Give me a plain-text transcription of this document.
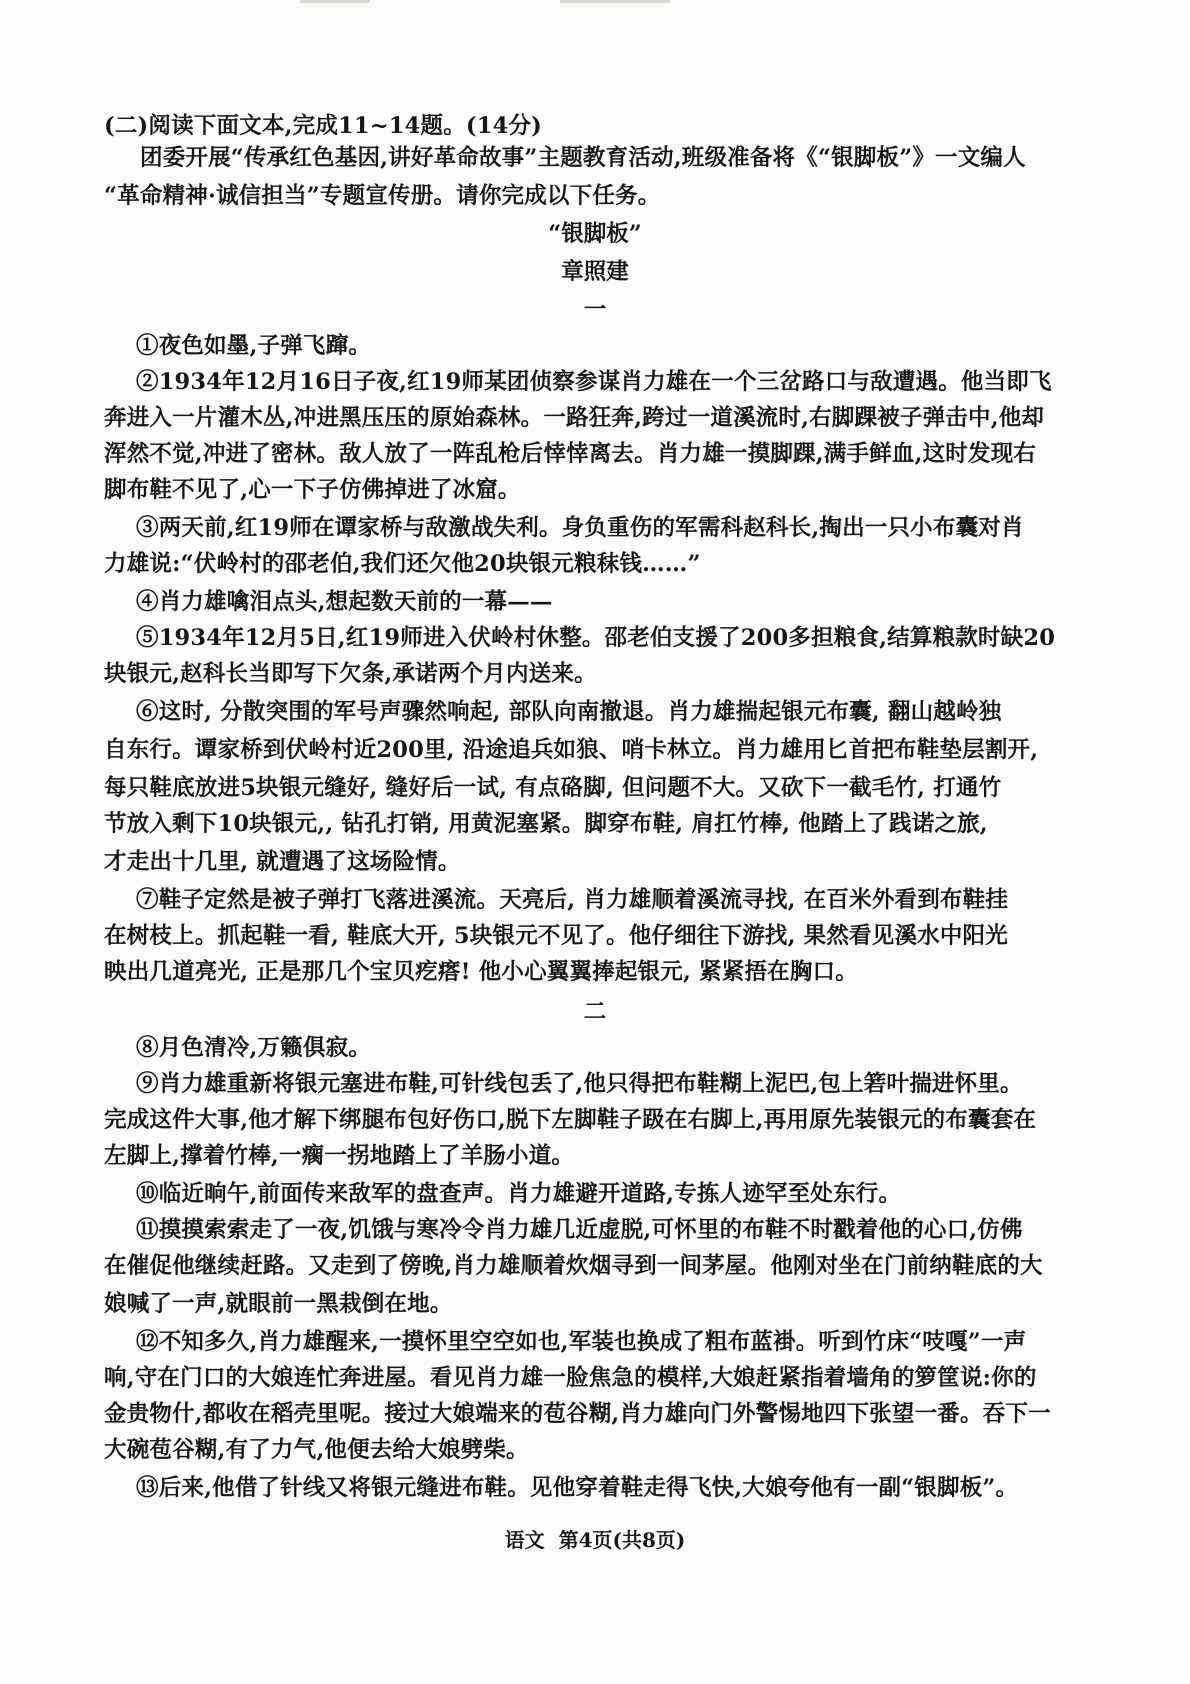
(二)阅读下面文本,完成11~14题。(14分)
团委开展“传承红色基因,讲好革命故事”主题教育活动,班级准备将《“银脚板”》一文编人
“革命精神·诚信担当”专题宣传册。请你完成以下任务。
“银脚板”
章照建
一
①夜色如墨,子弹飞蹿。
②1934年12月16日子夜,红19师某团侦察参谋肖力雄在一个三岔路口与敌遭遇。他当即飞
奔进入一片灌木丛,冲进黑压压的原始森林。一路狂奔,跨过一道溪流时,右脚踝被子弹击中,他却
浑然不觉,冲进了密林。敌人放了一阵乱枪后悻悻离去。肖力雄一摸脚踝,满手鲜血,这时发现右
脚布鞋不见了,心一下子仿佛掉进了冰窟。
③两天前,红19师在谭家桥与敌激战失利。身负重伤的军需科赵科长,掏出一只小布囊对肖
力雄说:“伏岭村的邵老伯,我们还欠他20块银元粮秣钱……”
④肖力雄噙泪点头,想起数天前的一幕——
⑤1934年12月5日,红19师进入伏岭村休整。邵老伯支援了200多担粮食,结算粮款时缺20
块银元,赵科长当即写下欠条,承诺两个月内送来。
⑥这时, 分散突围的军号声骤然响起, 部队向南撤退。肖力雄揣起银元布囊, 翻山越岭独
自东行。谭家桥到伏岭村近200里, 沿途追兵如狼、哨卡林立。肖力雄用匕首把布鞋垫层割开,
每只鞋底放进5块银元缝好, 缝好后一试, 有点硌脚, 但问题不大。又砍下一截毛竹, 打通竹
节放入剩下10块银元,, 钻孔打销, 用黄泥塞紧。脚穿布鞋, 肩扛竹棒, 他踏上了践诺之旅,
才走出十几里, 就遭遇了这场险情。
⑦鞋子定然是被子弹打飞落进溪流。天亮后, 肖力雄顺着溪流寻找, 在百米外看到布鞋挂
在树枝上。抓起鞋一看, 鞋底大开, 5块银元不见了。他仔细往下游找, 果然看见溪水中阳光
映出几道亮光, 正是那几个宝贝疙瘩! 他小心翼翼捧起银元, 紧紧捂在胸口。
二
⑧月色清冷,万籁俱寂。
⑨肖力雄重新将银元塞进布鞋,可针线包丢了,他只得把布鞋糊上泥巴,包上箬叶揣进怀里。
完成这件大事,他才解下绑腿布包好伤口,脱下左脚鞋子趿在右脚上,再用原先装银元的布囊套在
左脚上,撑着竹棒,一瘸一拐地踏上了羊肠小道。
⑩临近晌午,前面传来敌军的盘查声。肖力雄避开道路,专拣人迹罕至处东行。
⑪摸摸索索走了一夜,饥饿与寒冷令肖力雄几近虚脱,可怀里的布鞋不时戳着他的心口,仿佛
在催促他继续赶路。又走到了傍晚,肖力雄顺着炊烟寻到一间茅屋。他刚对坐在门前纳鞋底的大
娘喊了一声,就眼前一黑栽倒在地。
⑫不知多久,肖力雄醒来,一摸怀里空空如也,军装也换成了粗布蓝褂。听到竹床“吱嘎”一声
响,守在门口的大娘连忙奔进屋。看见肖力雄一脸焦急的模样,大娘赶紧指着墙角的箩筐说:你的
金贵物什,都收在稻壳里呢。接过大娘端来的苞谷糊,肖力雄向门外警惕地四下张望一番。吞下一
大碗苞谷糊,有了力气,他便去给大娘劈柴。
⑬后来,他借了针线又将银元缝进布鞋。见他穿着鞋走得飞快,大娘夸他有一副“银脚板”。
语文  第4页(共8页)
